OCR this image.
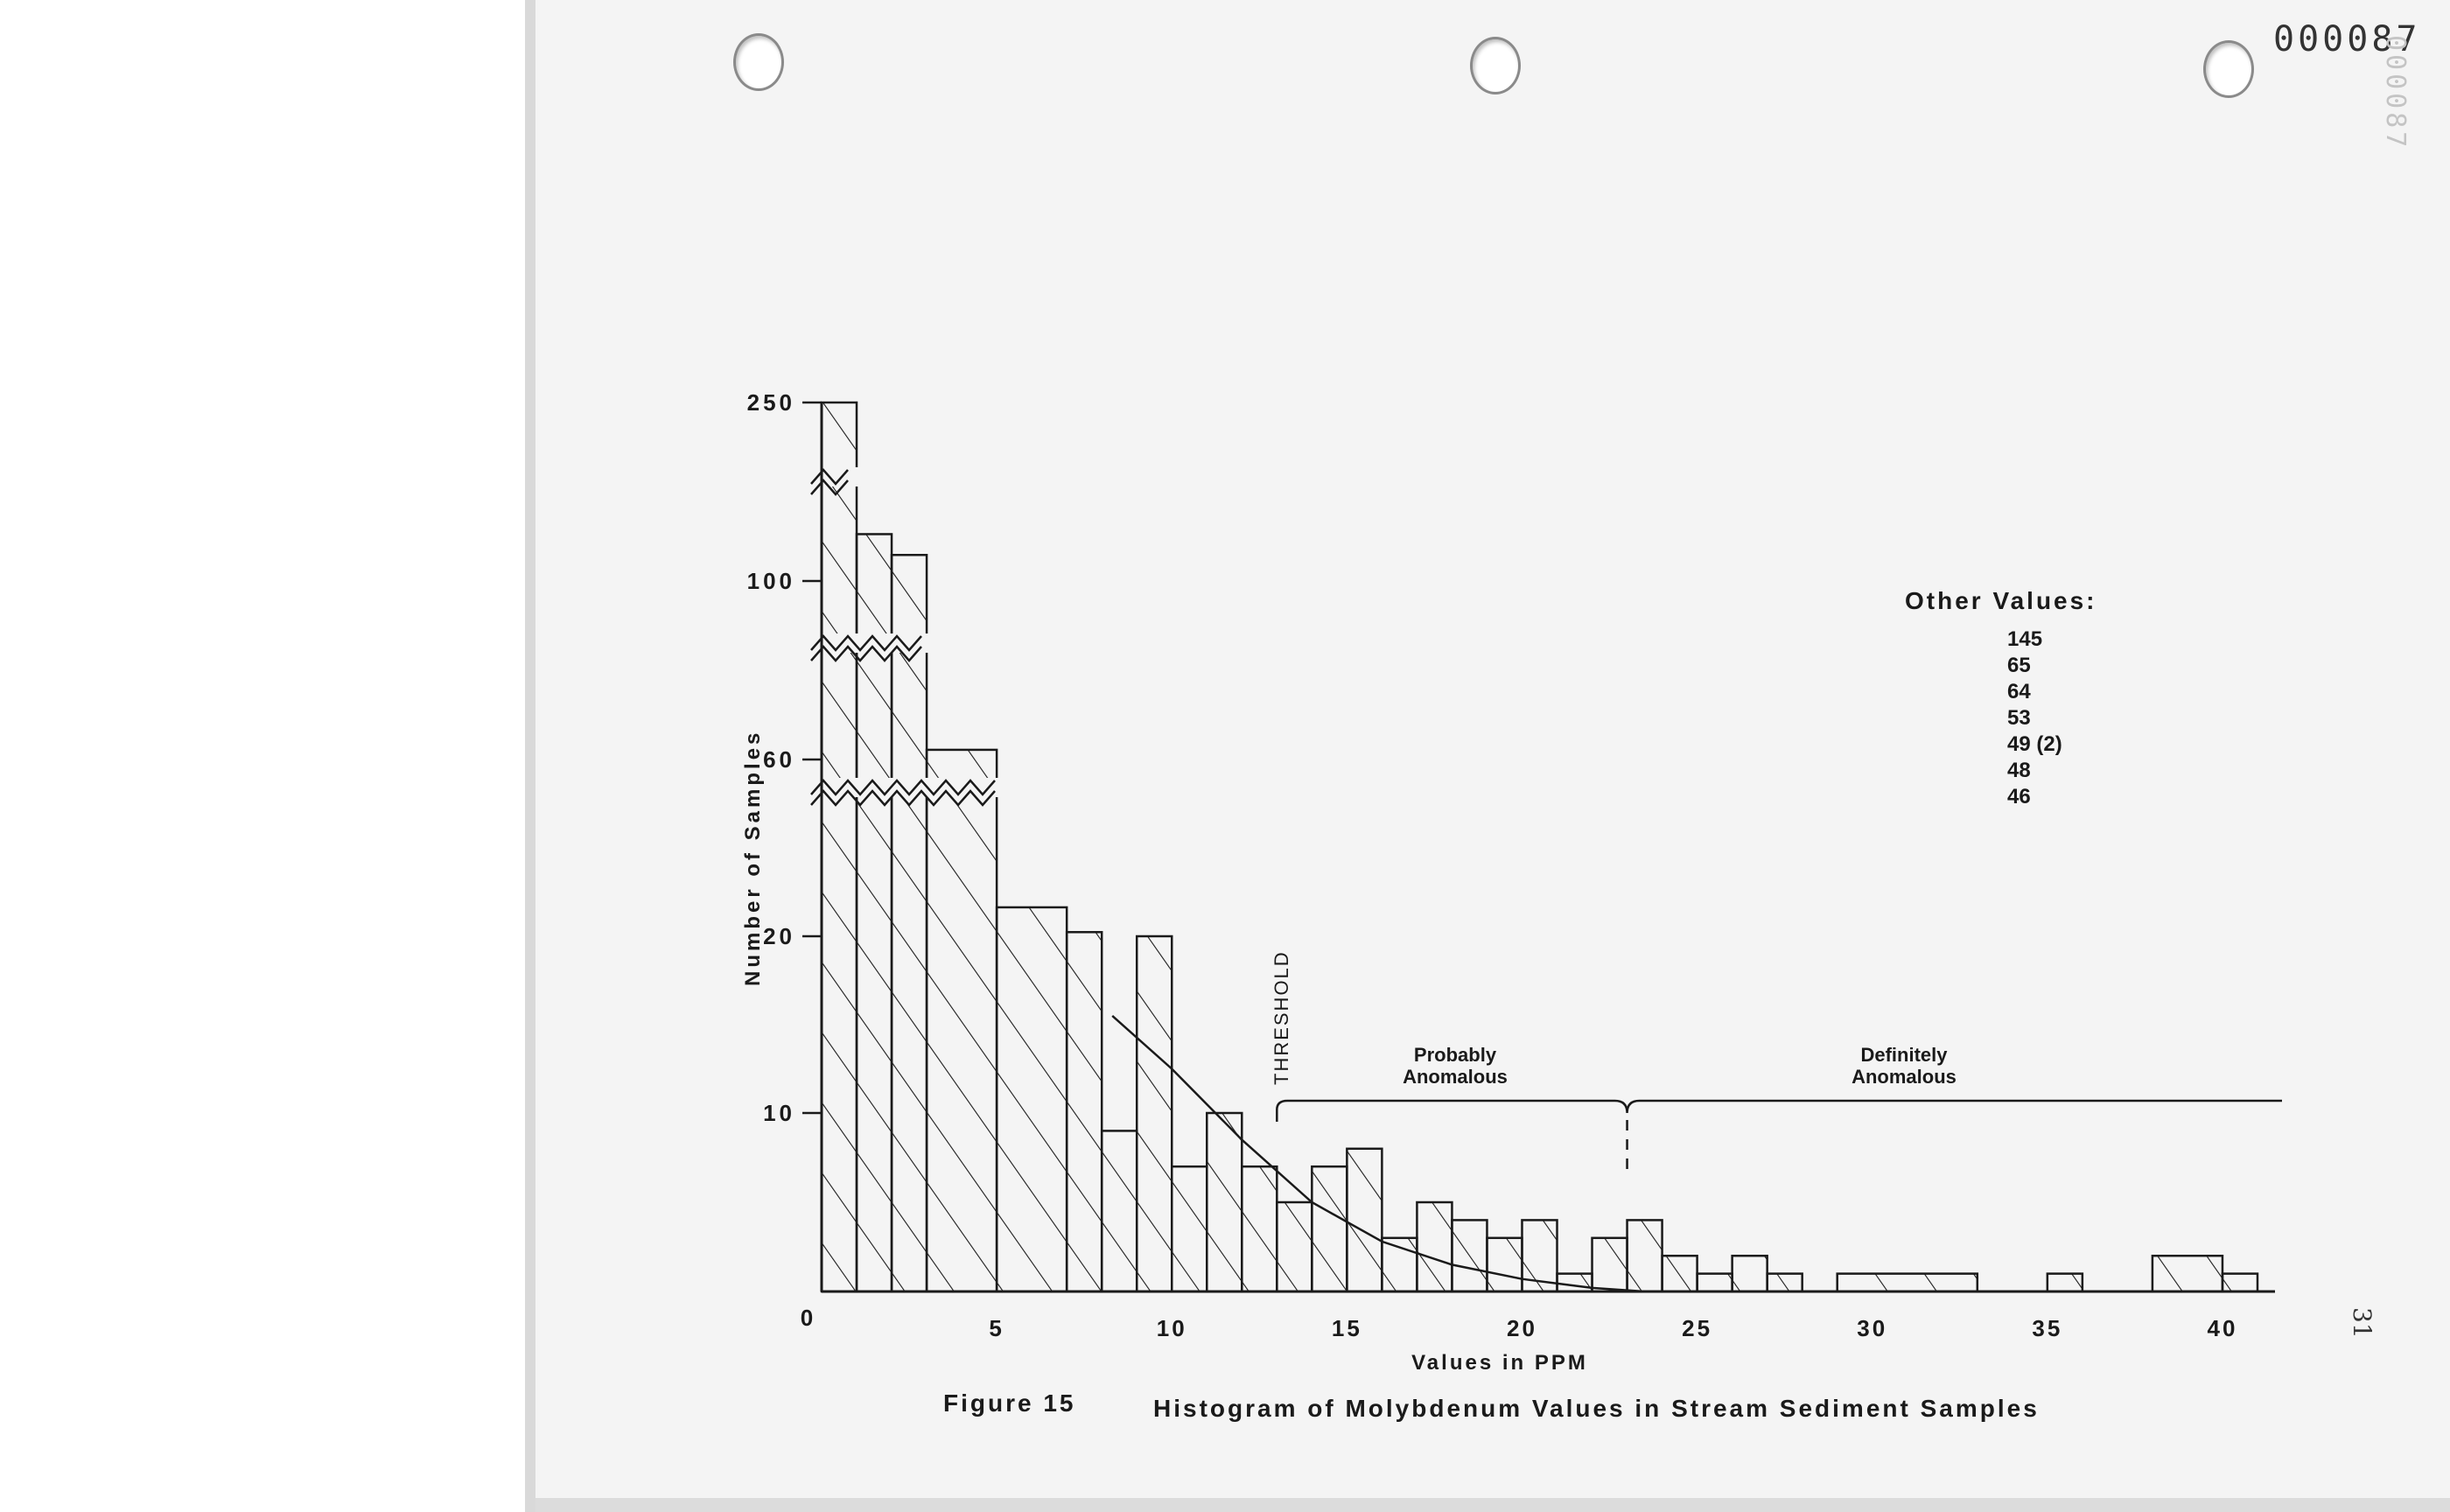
000087
000087
31
10
20
60
100
250
0	5	10	15	20	25	30	35	40
THRESHOLD	Probably
Anomalous
Definitely
Anomalous
Number of Samples
Values in PPM
Other Values:
145
65
64
53
49 (2)
48
46
Figure 15	Histogram of Molybdenum Values in Stream Sediment Samples
